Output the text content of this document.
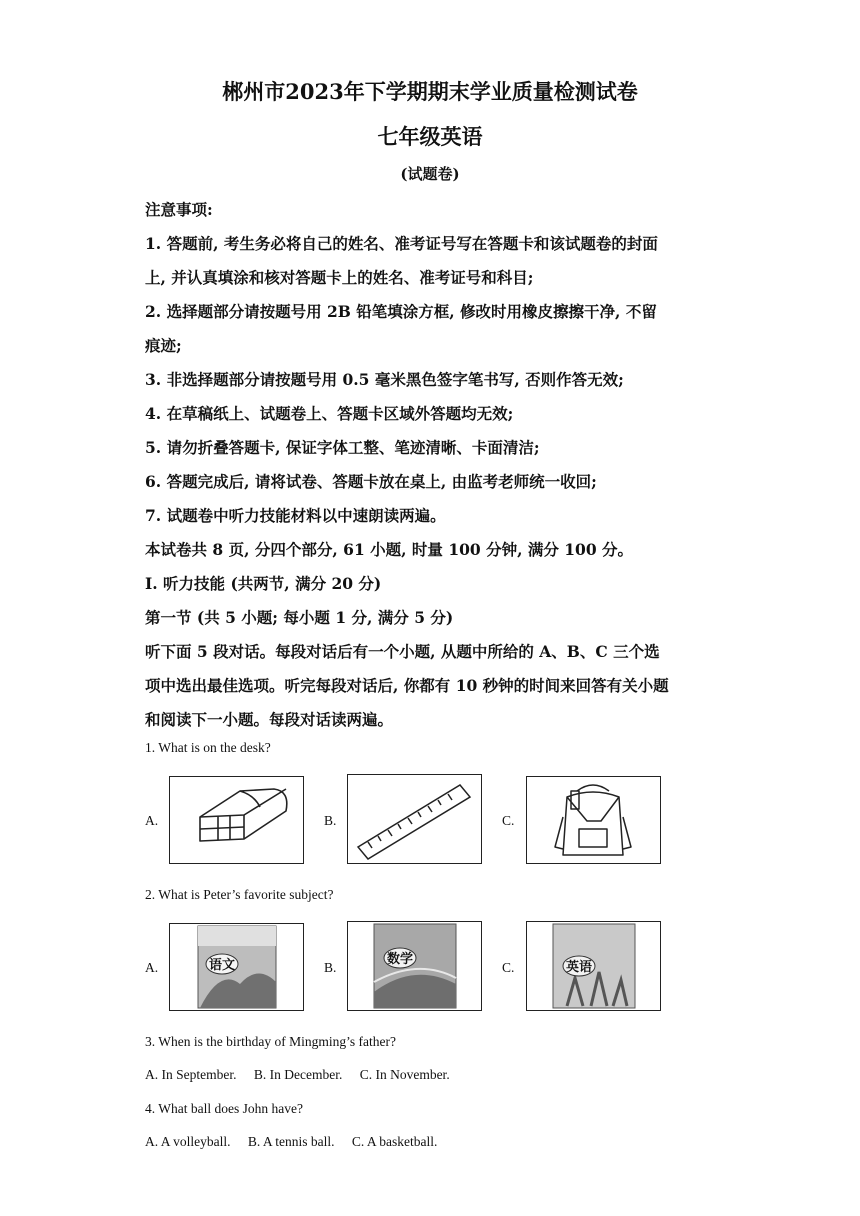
郴州市2023年下学期期末学业质量检测试卷
七年级英语
(试题卷)
注意事项:
1. 答题前, 考生务必将自己的姓名、准考证号写在答题卡和该试题卷的封面
上, 并认真填涂和核对答题卡上的姓名、准考证号和科目;
2. 选择题部分请按题号用 2B 铅笔填涂方框, 修改时用橡皮擦擦干净, 不留
痕迹;
3. 非选择题部分请按题号用 0.5 毫米黑色签字笔书写, 否则作答无效;
4. 在草稿纸上、试题卷上、答题卡区域外答题均无效;
5. 请勿折叠答题卡, 保证字体工整、笔迹清晰、卡面清洁;
6. 答题完成后, 请将试卷、答题卡放在桌上, 由监考老师统一收回;
7. 试题卷中听力技能材料以中速朗读两遍。
本试卷共 8 页, 分四个部分, 61 小题, 时量 100 分钟, 满分 100 分。
I. 听力技能 (共两节, 满分 20 分)
第一节 (共 5 小题; 每小题 1 分, 满分 5 分)
听下面 5 段对话。每段对话后有一个小题, 从题中所给的 A、B、C 三个选
项中选出最佳选项。听完每段对话后, 你都有 10 秒钟的时间来回答有关小题
和阅读下一小题。每段对话读两遍。
1. What is on the desk?
A.	B.	C.
2. What is Peter’s favorite subject?
A.	语文	B.
数学
C.	英语
3. When is the birthday of Mingming’s father?
A. In September. B. In December. C. In November.
4. What ball does John have?
A. A volleyball. B. A tennis ball. C. A basketball.
